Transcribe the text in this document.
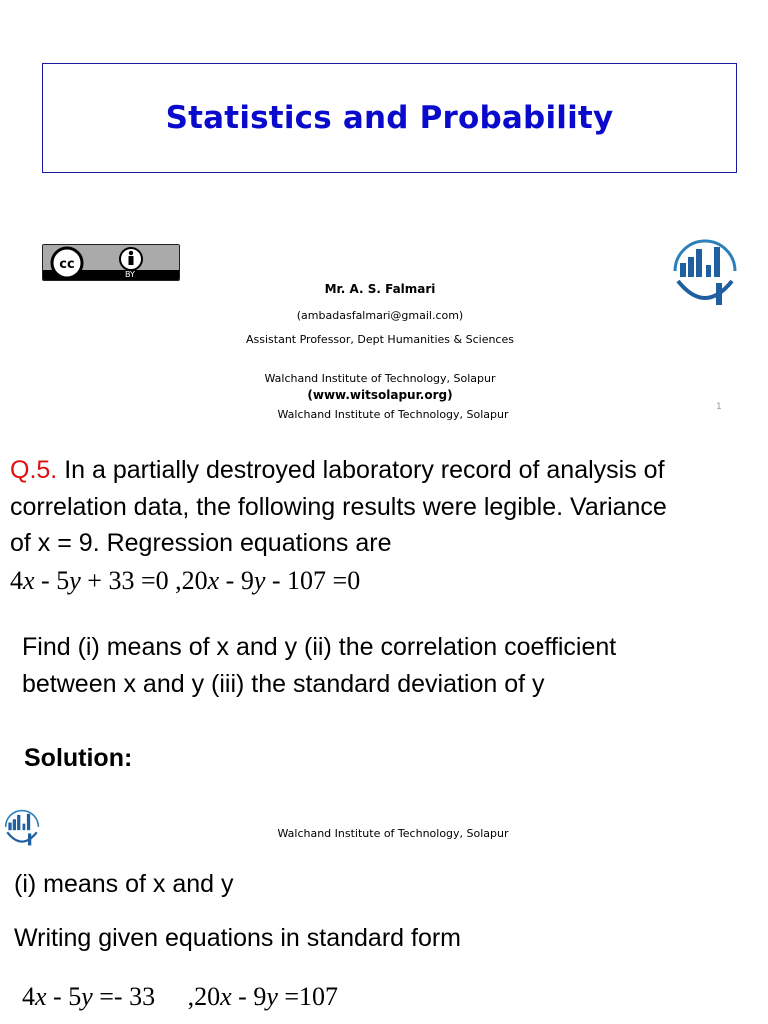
Statistics and Probability
cc
BY
Mr. A. S. Falmari
(ambadasfalmari@gmail.com)
Assistant Professor, Dept Humanities & Sciences
Walchand Institute of Technology, Solapur
(www.witsolapur.org)
Walchand Institute of Technology, Solapur
1
Q.5. In a partially destroyed laboratory record of analysis of
correlation data, the following results were legible. Variance
of x = 9. Regression equations are
4x - 5y + 33 =0 ,20x - 9y - 107 =0
Find (i) means of x and y (ii) the correlation coefficient
between x and y (iii) the standard deviation of y
Solution:
Walchand Institute of Technology, Solapur
(i) means of x and y
Writing given equations in standard form
4x - 5y =- 33     ,20x - 9y =107
